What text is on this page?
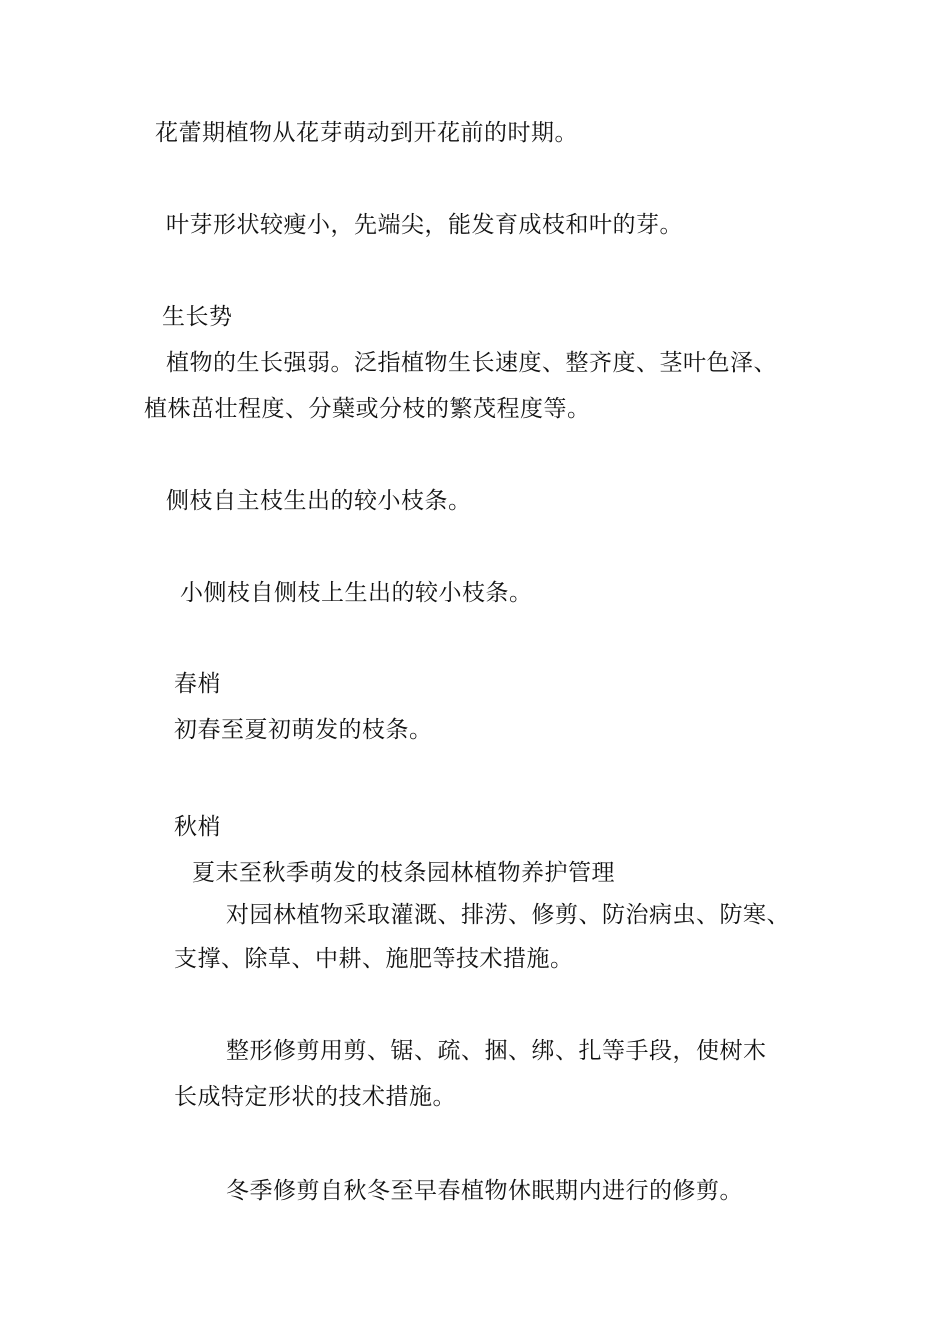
花蕾期植物从花芽萌动到开花前的时期。
叶芽形状较瘦小，先端尖，能发育成枝和叶的芽。
生长势
植物的生长强弱。泛指植物生长速度、整齐度、茎叶色泽、
植株茁壮程度、分蘖或分枝的繁茂程度等。
侧枝自主枝生出的较小枝条。
小侧枝自侧枝上生出的较小枝条。
春梢
初春至夏初萌发的枝条。
秋梢
夏末至秋季萌发的枝条园林植物养护管理
对园林植物采取灌溉、排涝、修剪、防治病虫、防寒、
支撑、除草、中耕、施肥等技术措施。
整形修剪用剪、锯、疏、捆、绑、扎等手段，使树木
长成特定形状的技术措施。
冬季修剪自秋冬至早春植物休眠期内进行的修剪。
